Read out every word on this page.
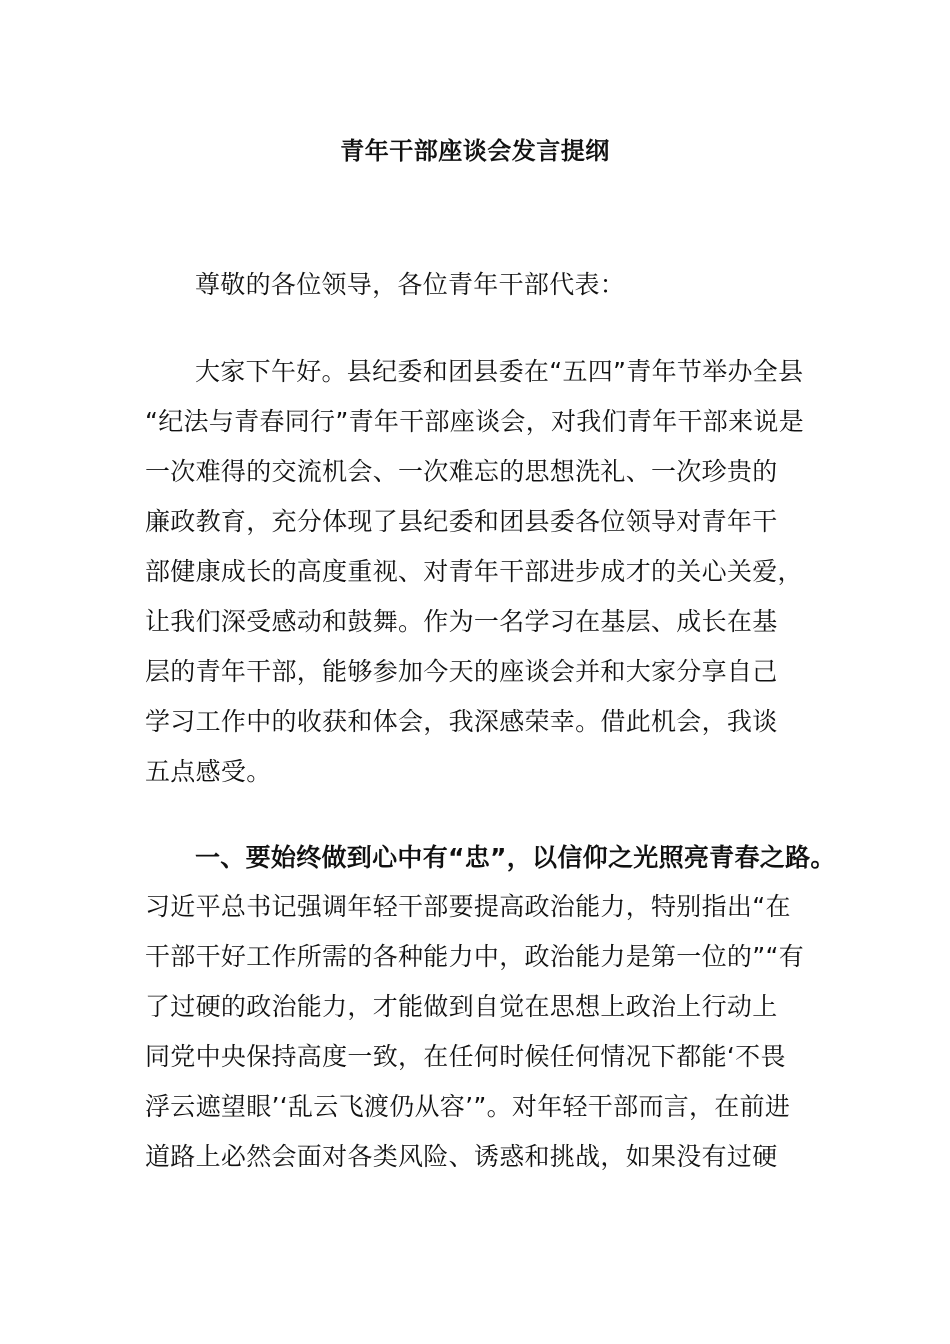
青年干部座谈会发言提纲
尊敬的各位领导，各位青年干部代表：
大家下午好。县纪委和团县委在“五四”青年节举办全县
“纪法与青春同行”青年干部座谈会，对我们青年干部来说是
一次难得的交流机会、一次难忘的思想洗礼、一次珍贵的
廉政教育，充分体现了县纪委和团县委各位领导对青年干
部健康成长的高度重视、对青年干部进步成才的关心关爱，
让我们深受感动和鼓舞。作为一名学习在基层、成长在基
层的青年干部，能够参加今天的座谈会并和大家分享自己
学习工作中的收获和体会，我深感荣幸。借此机会，我谈
五点感受。
一、要始终做到心中有“忠”，以信仰之光照亮青春之路。
习近平总书记强调年轻干部要提高政治能力，特别指出“在
干部干好工作所需的各种能力中，政治能力是第一位的”“有
了过硬的政治能力，才能做到自觉在思想上政治上行动上
同党中央保持高度一致，在任何时候任何情况下都能‘不畏
浮云遮望眼’‘乱云飞渡仍从容’”。对年轻干部而言，在前进
道路上必然会面对各类风险、诱惑和挑战，如果没有过硬
